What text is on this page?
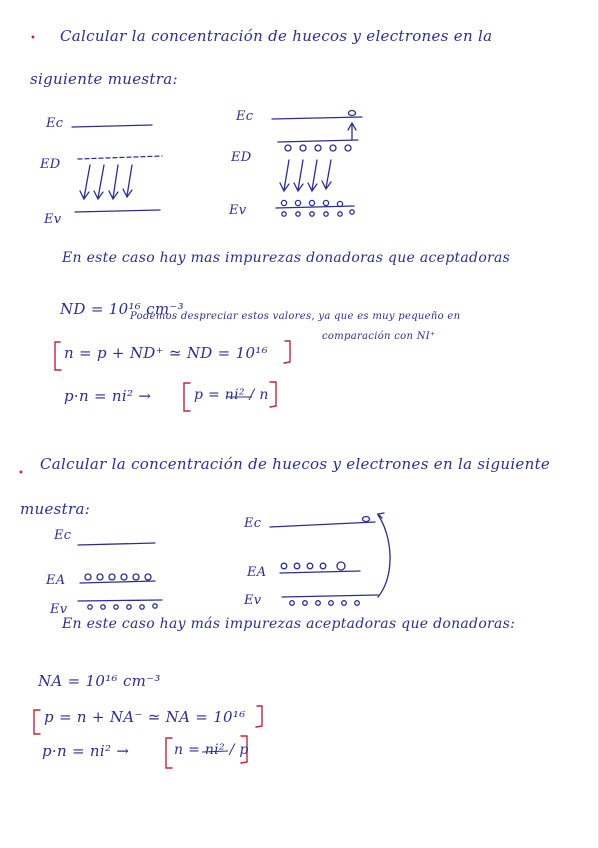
• Calcular la concentración de huecos y electrones en la
siguiente muestra:
Ec
ED
Ev
Ec
ED
Ev
En este caso hay mas impurezas donadoras que aceptadoras
ND = 10¹⁶ cm⁻³
Podemos despreciar estos valores, ya que es muy pequeño en
comparación con NI⁺
n = p + ND⁺ ≃ ND = 10¹⁶
p·n = ni² →	p = ni² / n
•
Calcular la concentración de huecos y electrones en la siguiente
muestra:
Ec
EA
Ev
Ec
EA
Ev
En este caso hay más impurezas aceptadoras que donadoras:
NA = 10¹⁶ cm⁻³
p = n + NA⁻ ≃ NA = 10¹⁶
p·n = ni² →	n = ni² / p
